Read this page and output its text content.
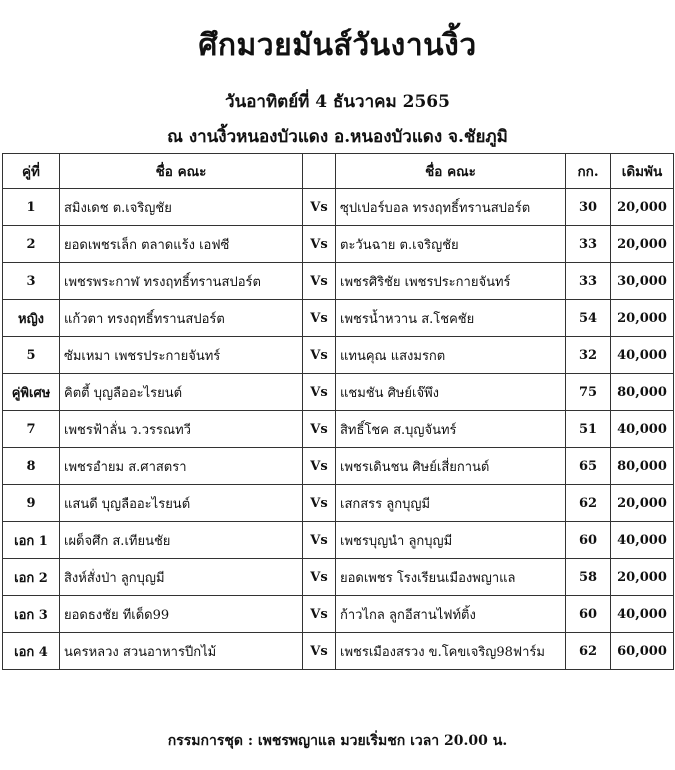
ศึกมวยมันส์วันงานงิ้ว
วันอาทิตย์ที่ 4 ธันวาคม 2565
ณ งานงิ้วหนองบัวแดง อ.หนองบัวแดง จ.ชัยภูมิ
คู่ที่	ชื่อ คณะ		ชื่อ คณะ	กก.	เดิมพัน
1	สมิงเดช ต.เจริญชัย	Vs	ซุปเปอร์บอล ทรงฤทธิ์ทรานสปอร์ต	30	20,000
2	ยอดเพชรเล็ก ตลาดแร้ง เอฟซี	Vs	ตะวันฉาย ต.เจริญชัย	33	20,000
3	เพชรพระกาฬ ทรงฤทธิ์ทรานสปอร์ต	Vs	เพชรศิริชัย เพชรประกายจันทร์	33	30,000
หญิง	แก้วตา ทรงฤทธิ์ทรานสปอร์ต	Vs	เพชรน้ำหวาน ส.โชคชัย	54	20,000
5	ซัมเหมา เพชรประกายจันทร์	Vs	แทนคุณ แสงมรกต	32	40,000
คู่พิเศษ	คิตตี้ บุญลืออะไรยนต์	Vs	แชมชัน ศิษย์เจ๊พึง	75	80,000
7	เพชรฟ้าลั่น ว.วรรณทวี	Vs	สิทธิ์โชค ส.บุญจันทร์	51	40,000
8	เพชรอำยม ส.ศาสตรา	Vs	เพชรเดินชน ศิษย์เสี่ยกานต์	65	80,000
9	แสนดี บุญลืออะไรยนต์	Vs	เสกสรร ลูกบุญมี	62	20,000
เอก 1	เผด็จศึก ส.เทียนชัย	Vs	เพชรบุญนำ ลูกบุญมี	60	40,000
เอก 2	สิงห์สั่งป่า ลูกบุญมี	Vs	ยอดเพชร โรงเรียนเมืองพญาแล	58	20,000
เอก 3	ยอดธงชัย ทีเด็ด99	Vs	ก้าวไกล ลูกอีสานไฟท์ติ้ง	60	40,000
เอก 4	นครหลวง สวนอาหารปีกไม้	Vs	เพชรเมืองสรวง ข.โคขเจริญ98ฟาร์ม	62	60,000
กรรมการชุด : เพชรพญาแล มวยเริ่มชก เวลา 20.00 น.
